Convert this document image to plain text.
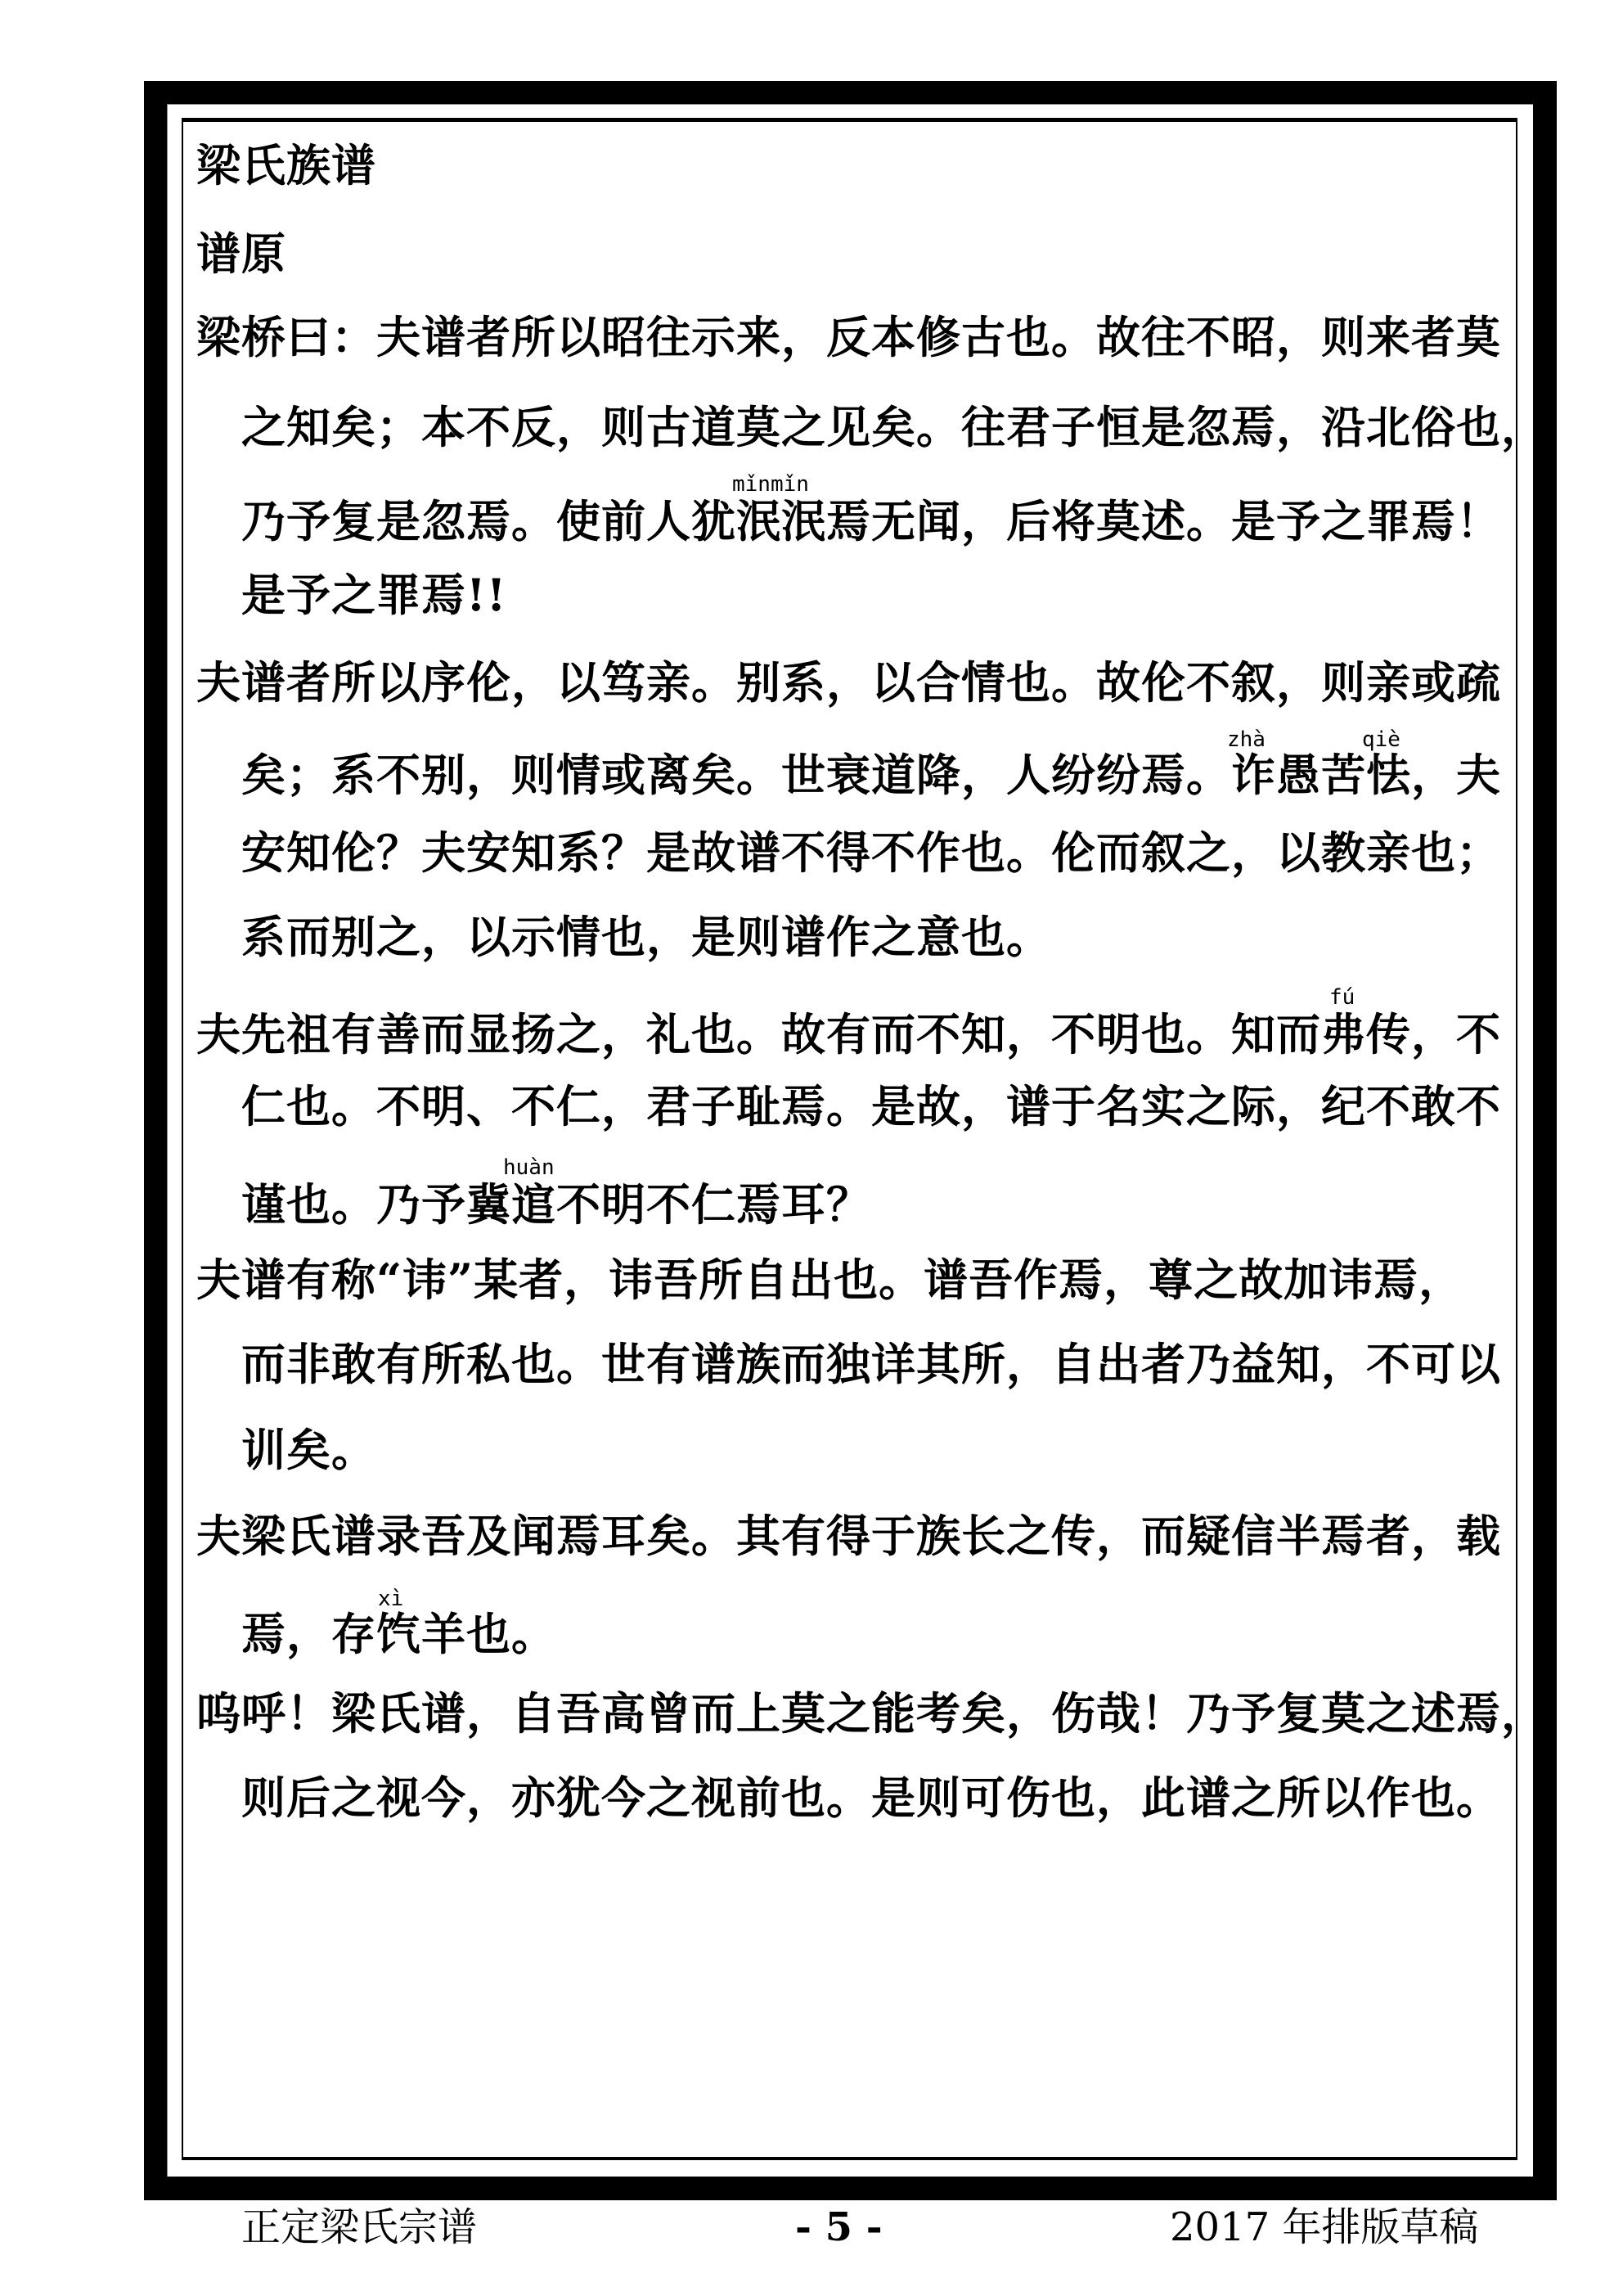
梁氏族谱
谱原
梁桥曰：夫谱者所以昭往示来，反本修古也。故往不昭，则来者莫
之知矣；本不反，则古道莫之见矣。往君子恒是忽焉，沿北俗也，
mǐnmǐn
乃予复是忽焉。使前人犹泯泯焉无闻，后将莫述。是予之罪焉！
是予之罪焉!!
夫谱者所以序伦，以笃亲。别系，以合情也。故伦不叙，则亲或疏
zhà	qiè
矣；系不别，则情或离矣。世衰道降，人纷纷焉。诈愚苦怯，夫
安知伦？夫安知系？是故谱不得不作也。伦而叙之，以教亲也；
系而别之，以示情也，是则谱作之意也。
fú
夫先祖有善而显扬之，礼也。故有而不知，不明也。知而弗传，不
仁也。不明、不仁，君子耻焉。是故，谱于名实之际，纪不敢不
huàn
谨也。乃予冀逭不明不仁焉耳？
夫谱有称“讳”某者，讳吾所自出也。谱吾作焉，尊之故加讳焉，
而非敢有所私也。世有谱族而独详其所，自出者乃益知，不可以
训矣。
夫梁氏谱录吾及闻焉耳矣。其有得于族长之传，而疑信半焉者，载
xì
焉，存饩羊也。
呜呼！梁氏谱，自吾高曾而上莫之能考矣，伤哉！乃予复莫之述焉，
则后之视今，亦犹今之视前也。是则可伤也，此谱之所以作也。
正定梁氏宗谱	- 5 -	2017 年排版草稿
